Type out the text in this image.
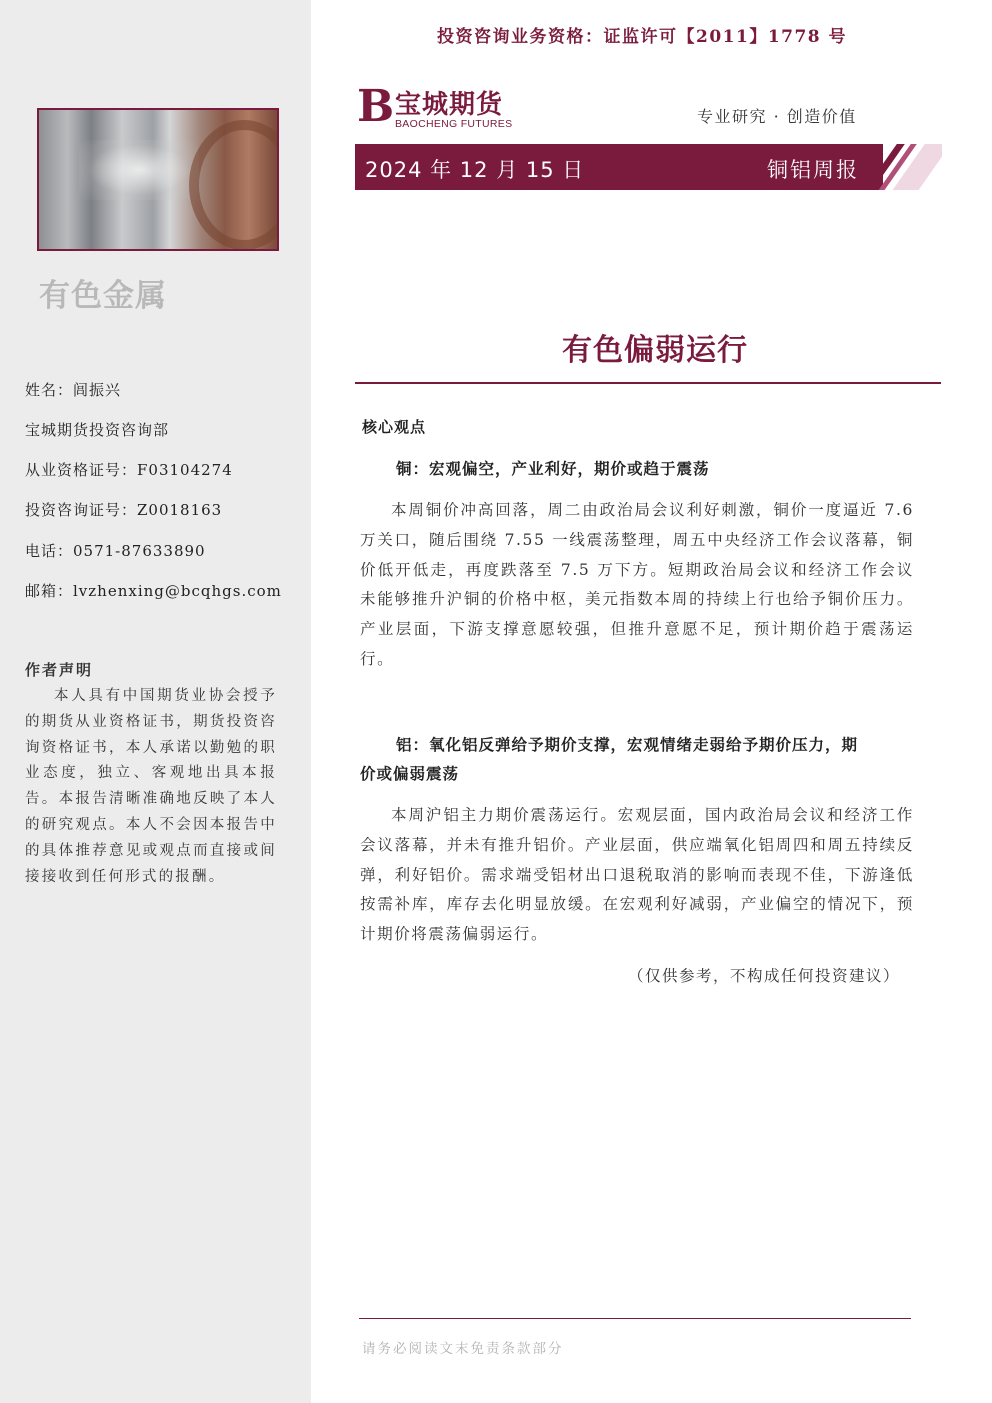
有色金属
姓名：闾振兴
宝城期货投资咨询部
从业资格证号：F03104274
投资咨询证号：Z0018163
电话：0571-87633890
邮箱：lvzhenxing@bcqhgs.com
作者声明
本人具有中国期货业协会授予的期货从业资格证书，期货投资咨询资格证书，本人承诺以勤勉的职业态度，独立、客观地出具本报告。本报告清晰准确地反映了本人的研究观点。本人不会因本报告中的具体推荐意见或观点而直接或间接接收到任何形式的报酬。
投资咨询业务资格：证监许可【2011】1778 号
B 宝城期货
BAOCHENG FUTURES	专业研究 · 创造价值
2024 年 12 月 15 日	铜铝周报
有色偏弱运行
核心观点
铜：宏观偏空，产业利好，期价或趋于震荡
本周铜价冲高回落，周二由政治局会议利好刺激，铜价一度逼近 7.6 万关口，随后围绕 7.55 一线震荡整理，周五中央经济工作会议落幕，铜价低开低走，再度跌落至 7.5 万下方。短期政治局会议和经济工作会议未能够推升沪铜的价格中枢，美元指数本周的持续上行也给予铜价压力。产业层面，下游支撑意愿较强，但推升意愿不足，预计期价趋于震荡运行。
铝：氧化铝反弹给予期价支撑，宏观情绪走弱给予期价压力，期
价或偏弱震荡
本周沪铝主力期价震荡运行。宏观层面，国内政治局会议和经济工作会议落幕，并未有推升铝价。产业层面，供应端氧化铝周四和周五持续反弹，利好铝价。需求端受铝材出口退税取消的影响而表现不佳，下游逢低按需补库，库存去化明显放缓。在宏观利好减弱，产业偏空的情况下，预计期价将震荡偏弱运行。
（仅供参考，不构成任何投资建议）
请务必阅读文末免责条款部分
